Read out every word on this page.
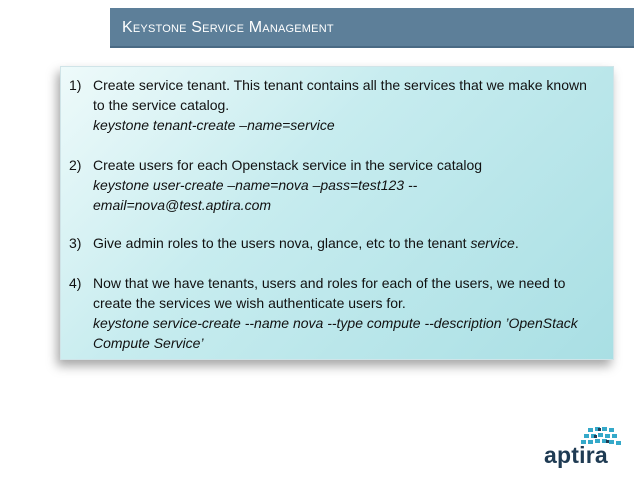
Keystone Service Management
1) Create service tenant. This tenant contains all the services that we make known
to the service catalog.
keystone tenant-create –name=service
2) Create users for each Openstack service in the service catalog
keystone user-create –name=nova –pass=test123 --
email=nova@test.aptira.com
3) Give admin roles to the users nova, glance, etc to the tenant service.
4) Now that we have tenants, users and roles for each of the users, we need to
create the services we wish authenticate users for.
keystone service-create --name nova --type compute --description ’OpenStack
Compute Service’
aptira
